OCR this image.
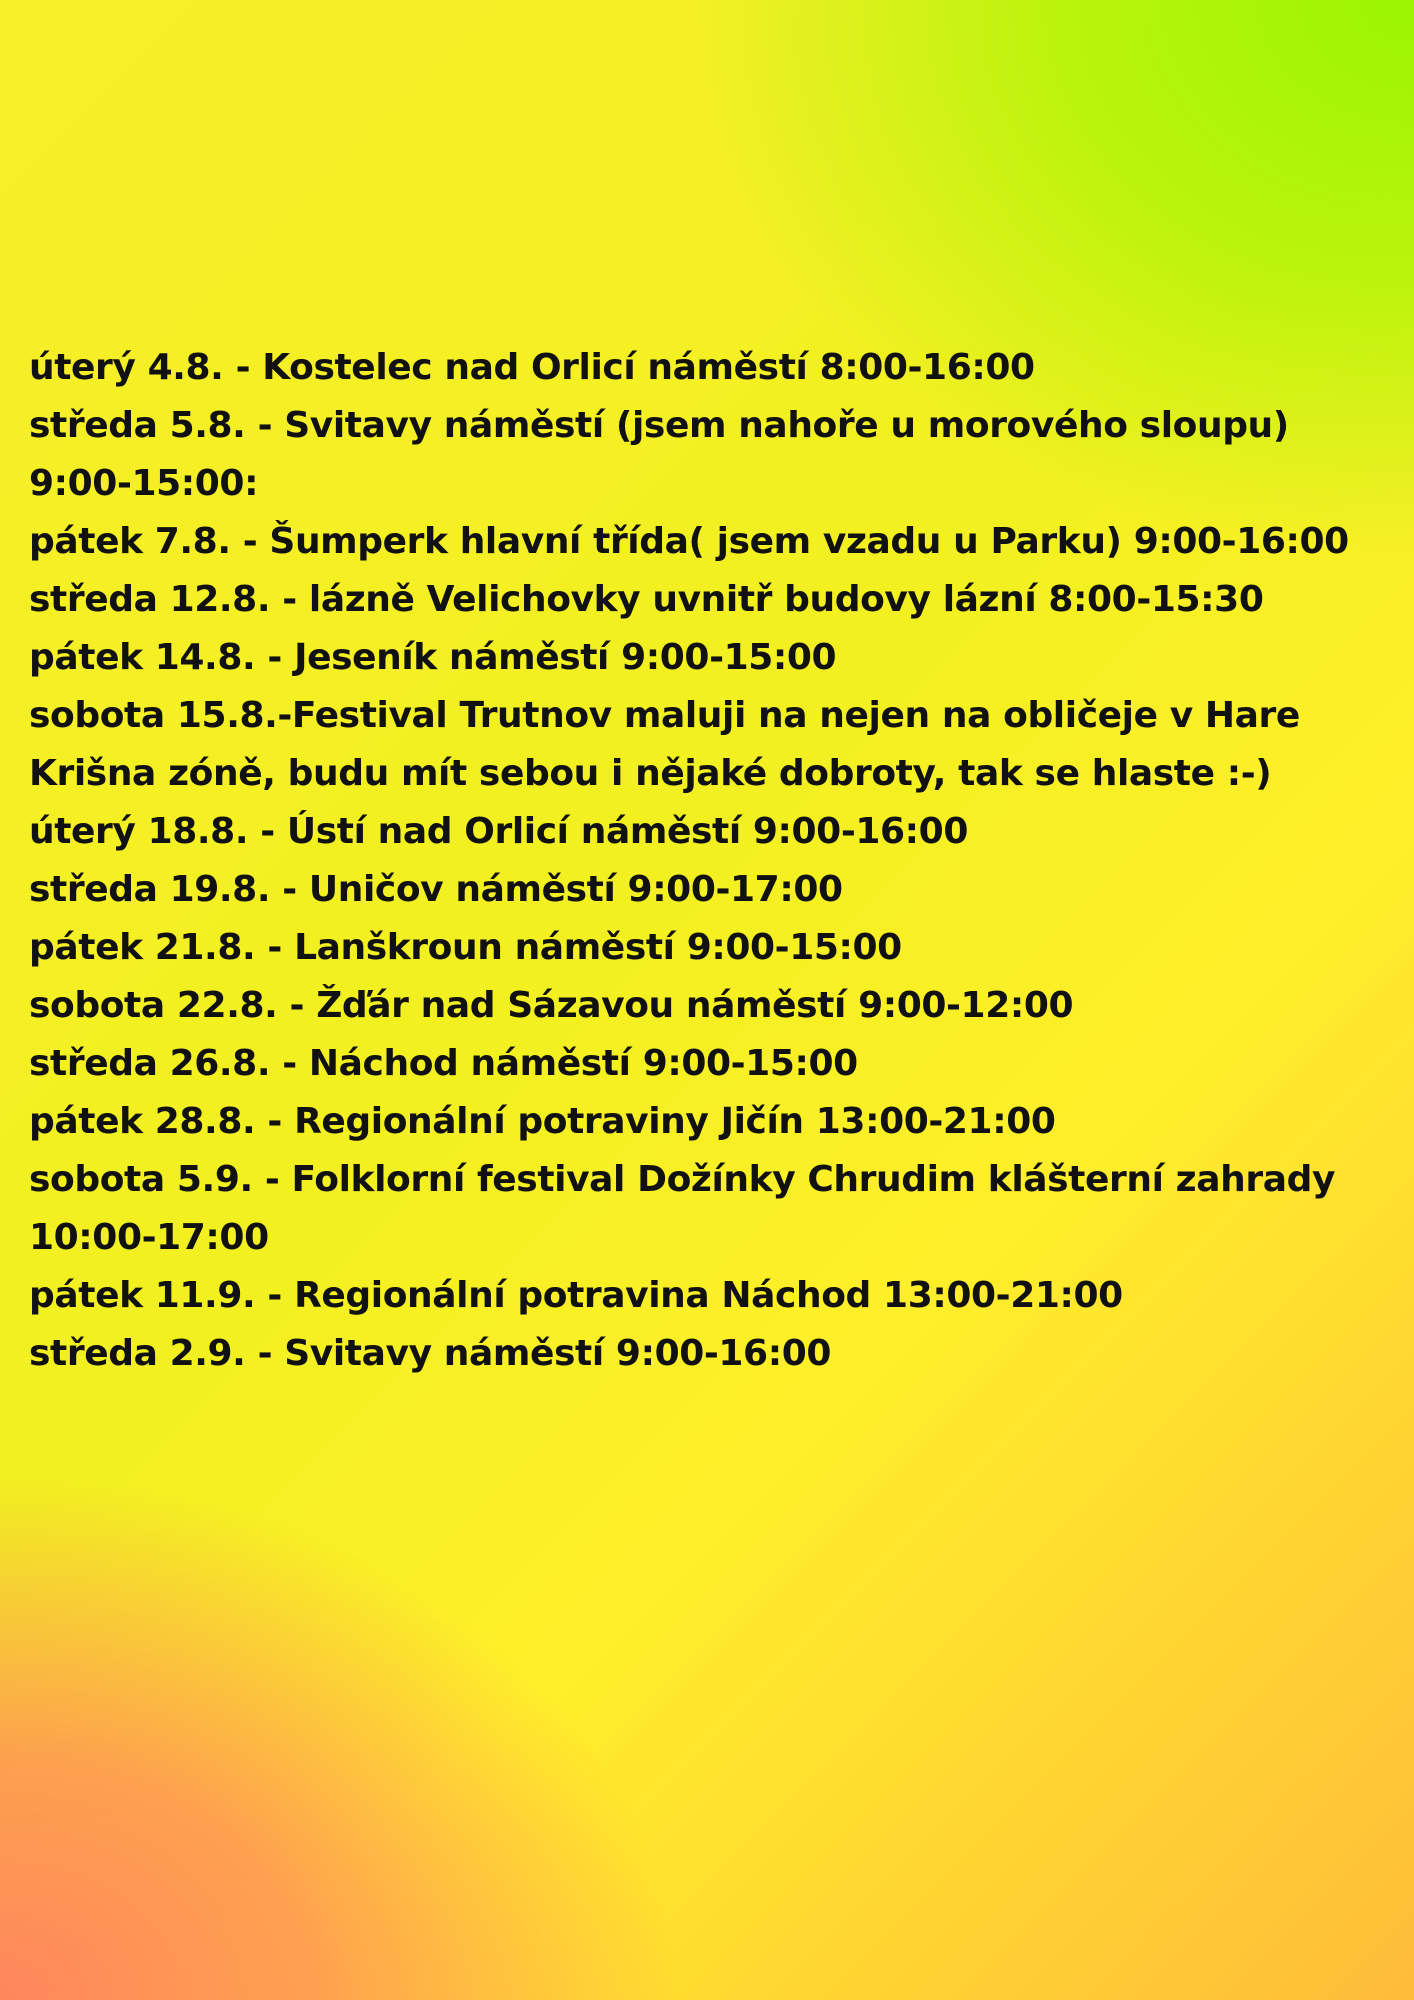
úterý 4.8. - Kostelec nad Orlicí náměstí 8:00-16:00
středa 5.8. - Svitavy náměstí (jsem nahoře u morového sloupu) 9:00-15:00:
pátek 7.8. - Šumperk hlavní třída( jsem vzadu u Parku) 9:00-16:00
středa 12.8. - lázně Velichovky uvnitř budovy lázní 8:00-15:30
pátek 14.8. - Jeseník náměstí 9:00-15:00
sobota 15.8.-Festival Trutnov maluji na nejen na obličeje v Hare Krišna zóně, budu mít sebou i nějaké dobroty, tak se hlaste :-)
úterý 18.8. - Ústí nad Orlicí náměstí 9:00-16:00
středa 19.8. - Uničov náměstí 9:00-17:00
pátek 21.8. - Lanškroun náměstí 9:00-15:00
sobota 22.8. - Žďár nad Sázavou náměstí 9:00-12:00
středa 26.8. - Náchod náměstí 9:00-15:00
pátek 28.8. - Regionální potraviny Jičín 13:00-21:00
sobota 5.9. - Folklorní festival Dožínky Chrudim klášterní zahrady 10:00-17:00
pátek 11.9. - Regionální potravina Náchod 13:00-21:00
středa 2.9. - Svitavy náměstí 9:00-16:00
